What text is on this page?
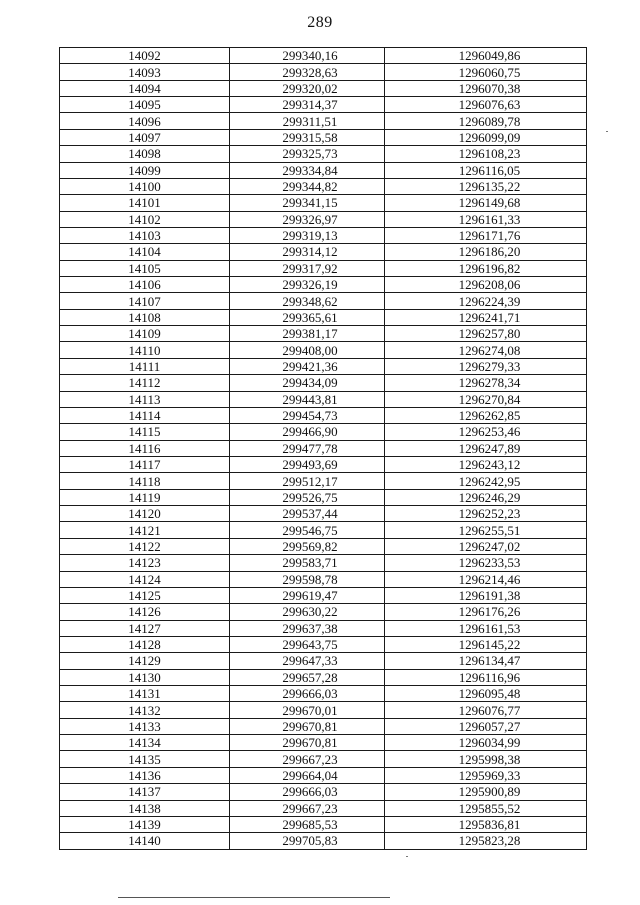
289
14092	299340,16	1296049,86
14093	299328,63	1296060,75
14094	299320,02	1296070,38
14095	299314,37	1296076,63
14096	299311,51	1296089,78
14097	299315,58	1296099,09
14098	299325,73	1296108,23
14099	299334,84	1296116,05
14100	299344,82	1296135,22
14101	299341,15	1296149,68
14102	299326,97	1296161,33
14103	299319,13	1296171,76
14104	299314,12	1296186,20
14105	299317,92	1296196,82
14106	299326,19	1296208,06
14107	299348,62	1296224,39
14108	299365,61	1296241,71
14109	299381,17	1296257,80
14110	299408,00	1296274,08
14111	299421,36	1296279,33
14112	299434,09	1296278,34
14113	299443,81	1296270,84
14114	299454,73	1296262,85
14115	299466,90	1296253,46
14116	299477,78	1296247,89
14117	299493,69	1296243,12
14118	299512,17	1296242,95
14119	299526,75	1296246,29
14120	299537,44	1296252,23
14121	299546,75	1296255,51
14122	299569,82	1296247,02
14123	299583,71	1296233,53
14124	299598,78	1296214,46
14125	299619,47	1296191,38
14126	299630,22	1296176,26
14127	299637,38	1296161,53
14128	299643,75	1296145,22
14129	299647,33	1296134,47
14130	299657,28	1296116,96
14131	299666,03	1296095,48
14132	299670,01	1296076,77
14133	299670,81	1296057,27
14134	299670,81	1296034,99
14135	299667,23	1295998,38
14136	299664,04	1295969,33
14137	299666,03	1295900,89
14138	299667,23	1295855,52
14139	299685,53	1295836,81
14140	299705,83	1295823,28
